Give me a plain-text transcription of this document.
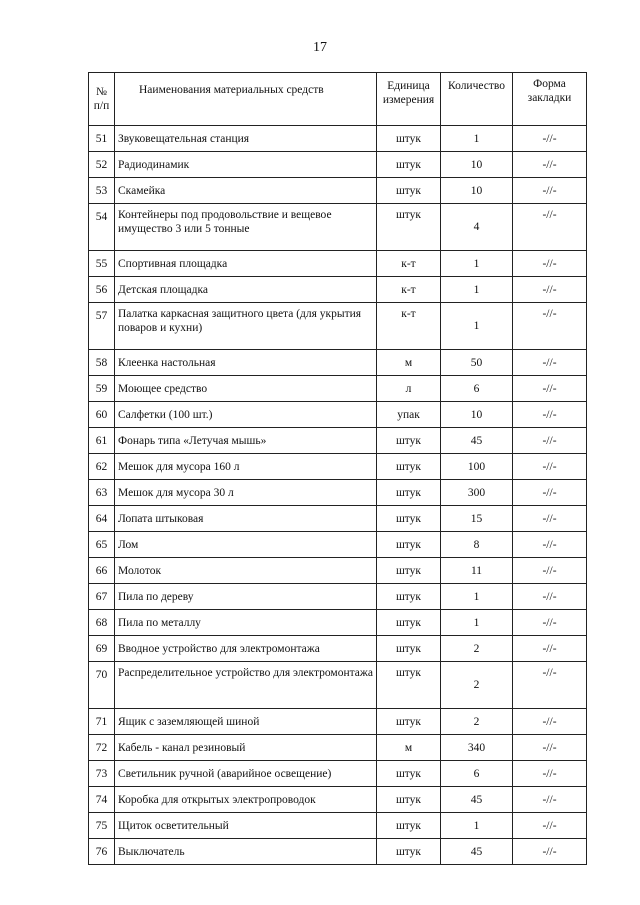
17
№ п/п	Наименования материальных средств	Единица измерения	Количество	Форма закладки
51	Звуковещательная станция	штук	1	-//-
52	Радиодинамик	штук	10	-//-
53	Скамейка	штук	10	-//-
54	Контейнеры под продовольствие и вещевое имущество 3 или 5 тонные	штук	4	-//-
55	Спортивная площадка	к-т	1	-//-
56	Детская площадка	к-т	1	-//-
57	Палатка каркасная защитного цвета (для укрытия поваров и кухни)	к-т	1	-//-
58	Клеенка настольная	м	50	-//-
59	Моющее средство	л	6	-//-
60	Салфетки (100 шт.)	упак	10	-//-
61	Фонарь типа «Летучая мышь»	штук	45	-//-
62	Мешок для мусора 160 л	штук	100	-//-
63	Мешок для мусора 30 л	штук	300	-//-
64	Лопата штыковая	штук	15	-//-
65	Лом	штук	8	-//-
66	Молоток	штук	11	-//-
67	Пила по дереву	штук	1	-//-
68	Пила по металлу	штук	1	-//-
69	Вводное устройство для электромонтажа	штук	2	-//-
70	Распределительное устройство для электромонтажа	штук	2	-//-
71	Ящик с заземляющей шиной	штук	2	-//-
72	Кабель - канал резиновый	м	340	-//-
73	Светильник ручной (аварийное освещение)	штук	6	-//-
74	Коробка для открытых электропроводок	штук	45	-//-
75	Щиток осветительный	штук	1	-//-
76	Выключатель	штук	45	-//-
